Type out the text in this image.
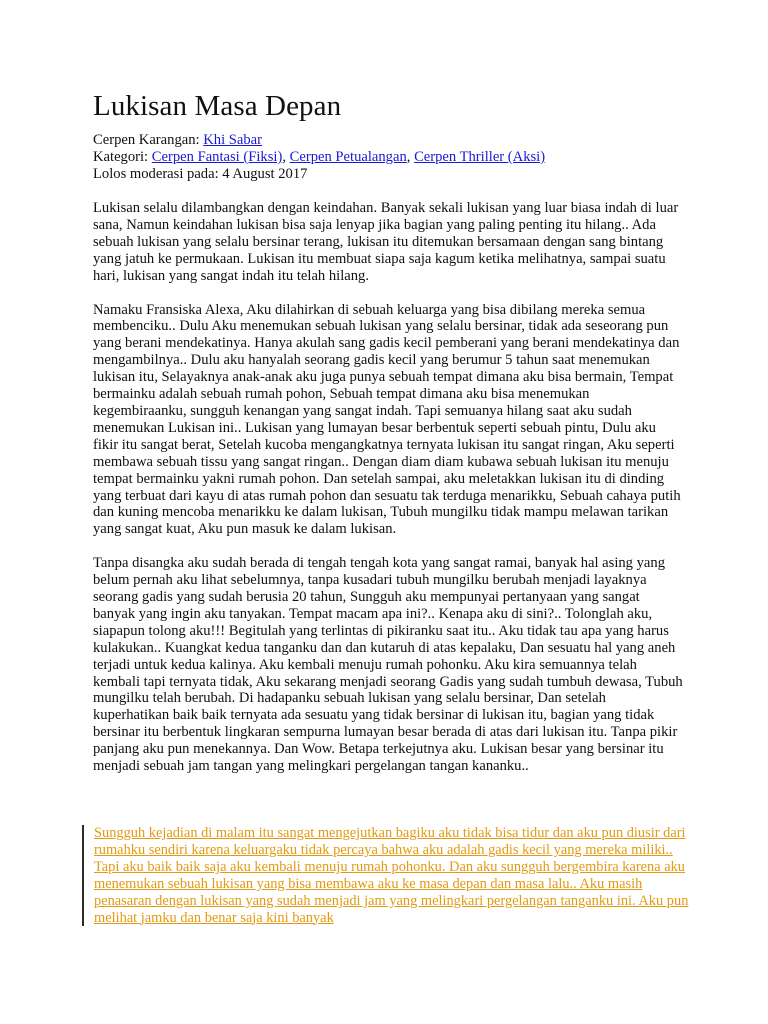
Lukisan Masa Depan
Cerpen Karangan: Khi Sabar
Kategori: Cerpen Fantasi (Fiksi), Cerpen Petualangan, Cerpen Thriller (Aksi)
Lolos moderasi pada: 4 August 2017

Lukisan selalu dilambangkan dengan keindahan. Banyak sekali lukisan yang luar biasa indah di luar sana, Namun keindahan lukisan bisa saja lenyap jika bagian yang paling penting itu hilang.. Ada sebuah lukisan yang selalu bersinar terang, lukisan itu ditemukan bersamaan dengan sang bintang yang jatuh ke permukaan. Lukisan itu membuat siapa saja kagum ketika melihatnya, sampai suatu hari, lukisan yang sangat indah itu telah hilang.

Namaku Fransiska Alexa, Aku dilahirkan di sebuah keluarga yang bisa dibilang mereka semua membenciku.. Dulu Aku menemukan sebuah lukisan yang selalu bersinar, tidak ada seseorang pun yang berani mendekatinya. Hanya akulah sang gadis kecil pemberani yang berani mendekatinya dan mengambilnya.. Dulu aku hanyalah seorang gadis kecil yang berumur 5 tahun saat menemukan lukisan itu, Selayaknya anak-anak aku juga punya sebuah tempat dimana aku bisa bermain, Tempat bermainku adalah sebuah rumah pohon, Sebuah tempat dimana aku bisa menemukan kegembiraanku, sungguh kenangan yang sangat indah. Tapi semuanya hilang saat aku sudah menemukan Lukisan ini.. Lukisan yang lumayan besar berbentuk seperti sebuah pintu, Dulu aku fikir itu sangat berat, Setelah kucoba mengangkatnya ternyata lukisan itu sangat ringan, Aku seperti membawa sebuah tissu yang sangat ringan.. Dengan diam diam kubawa sebuah lukisan itu menuju tempat bermainku yakni rumah pohon. Dan setelah sampai, aku meletakkan lukisan itu di dinding yang terbuat dari kayu di atas rumah pohon dan sesuatu tak terduga menarikku, Sebuah cahaya putih dan kuning mencoba menarikku ke dalam lukisan, Tubuh mungilku tidak mampu melawan tarikan yang sangat kuat, Aku pun masuk ke dalam lukisan.

Tanpa disangka aku sudah berada di tengah tengah kota yang sangat ramai, banyak hal asing yang belum pernah aku lihat sebelumnya, tanpa kusadari tubuh mungilku berubah menjadi layaknya seorang gadis yang sudah berusia 20 tahun, Sungguh aku mempunyai pertanyaan yang sangat banyak yang ingin aku tanyakan. Tempat macam apa ini?.. Kenapa aku di sini?.. Tolonglah aku, siapapun tolong aku!!! Begitulah yang terlintas di pikiranku saat itu.. Aku tidak tau apa yang harus kulakukan.. Kuangkat kedua tanganku dan dan kutaruh di atas kepalaku, Dan sesuatu hal yang aneh terjadi untuk kedua kalinya. Aku kembali menuju rumah pohonku. Aku kira semuannya telah kembali tapi ternyata tidak, Aku sekarang menjadi seorang Gadis yang sudah tumbuh dewasa, Tubuh mungilku telah berubah. Di hadapanku sebuah lukisan yang selalu bersinar, Dan setelah kuperhatikan baik baik ternyata ada sesuatu yang tidak bersinar di lukisan itu, bagian yang tidak bersinar itu berbentuk lingkaran sempurna lumayan besar berada di atas dari lukisan itu. Tanpa pikir panjang aku pun menekannya. Dan Wow. Betapa terkejutnya aku. Lukisan besar yang bersinar itu menjadi sebuah jam tangan yang melingkari pergelangan tangan kananku..

Sungguh kejadian di malam itu sangat mengejutkan bagiku aku tidak bisa tidur dan aku pun diusir dari rumahku sendiri karena keluargaku tidak percaya bahwa aku adalah gadis kecil yang mereka miliki.. Tapi aku baik baik saja aku kembali menuju rumah pohonku. Dan aku sungguh bergembira karena aku menemukan sebuah lukisan yang bisa membawa aku ke masa depan dan masa lalu.. Aku masih penasaran dengan lukisan yang sudah menjadi jam yang melingkari pergelangan tanganku ini. Aku pun melihat jamku dan benar saja kini banyak
